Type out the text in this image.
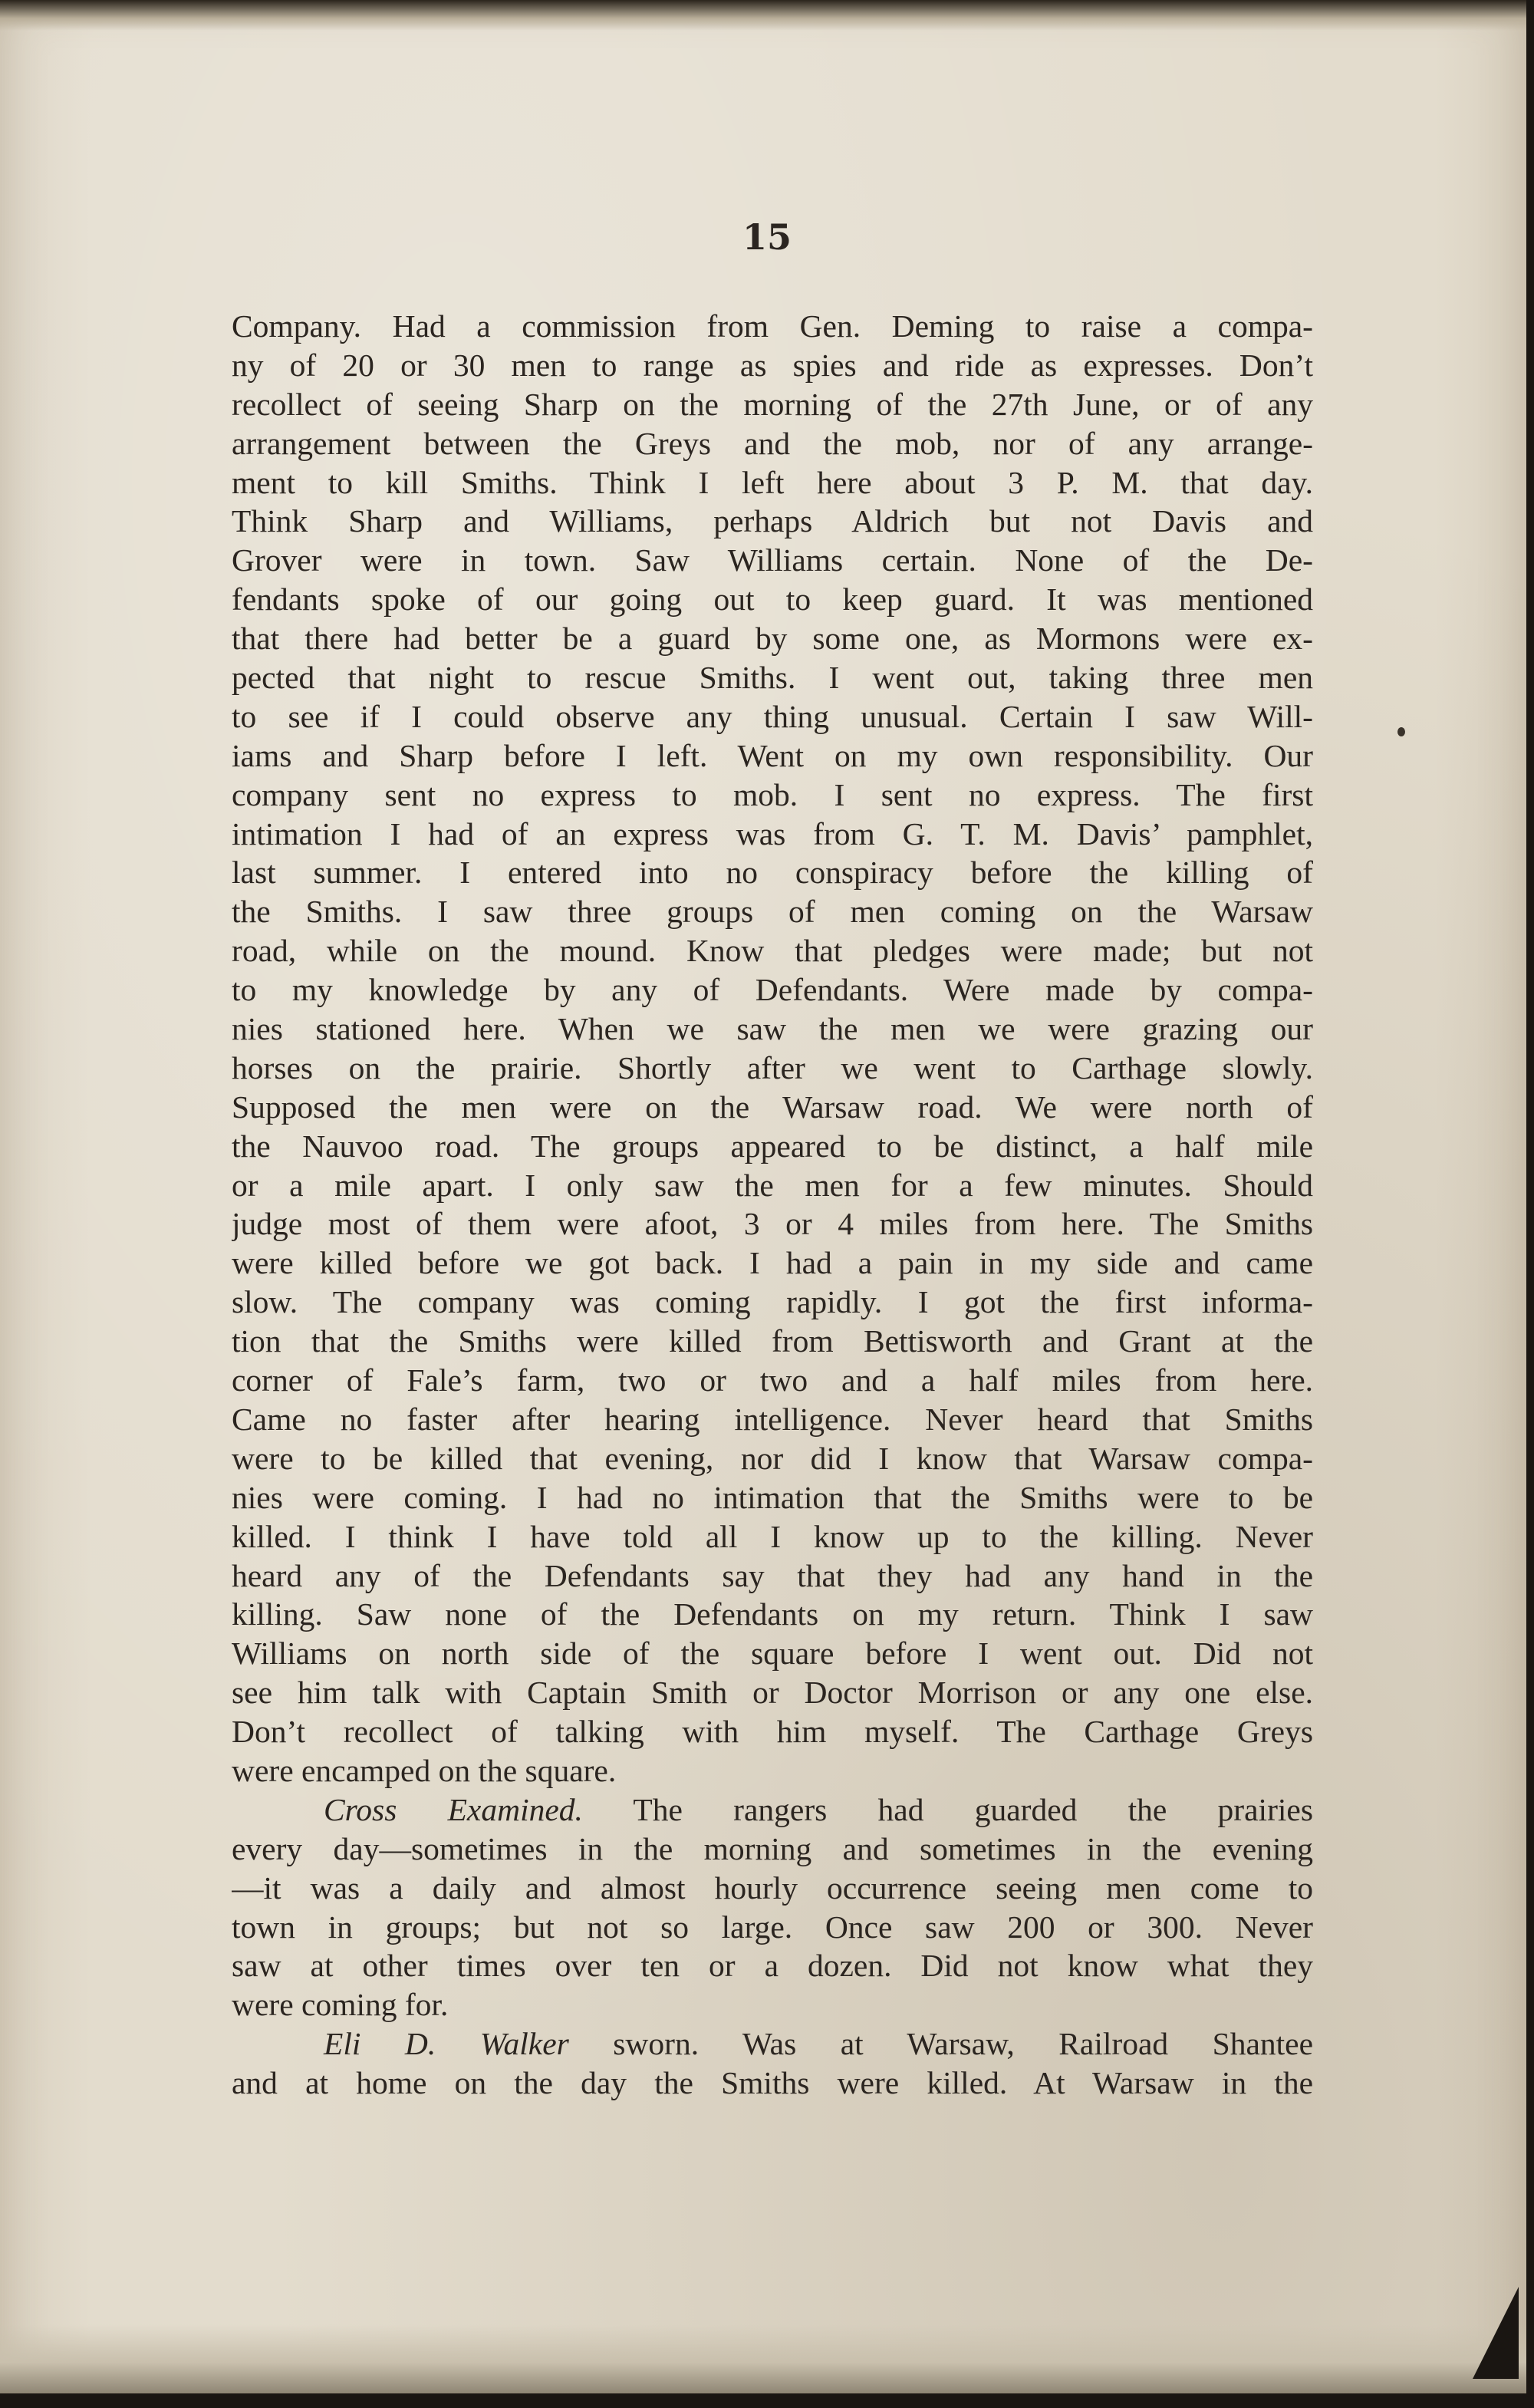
15
Company. Had a commission from Gen. Deming to raise a compa-
ny of 20 or 30 men to range as spies and ride as expresses. Don’t
recollect of seeing Sharp on the morning of the 27th June, or of any
arrangement between the Greys and the mob, nor of any arrange-
ment to kill Smiths. Think I left here about 3 P. M. that day.
Think Sharp and Williams, perhaps Aldrich but not Davis and
Grover were in town. Saw Williams certain. None of the De-
fendants spoke of our going out to keep guard. It was mentioned
that there had better be a guard by some one, as Mormons were ex-
pected that night to rescue Smiths. I went out, taking three men
to see if I could observe any thing unusual. Certain I saw Will-
iams and Sharp before I left. Went on my own responsibility. Our
company sent no express to mob. I sent no express. The first
intimation I had of an express was from G. T. M. Davis’ pamphlet,
last summer. I entered into no conspiracy before the killing of
the Smiths. I saw three groups of men coming on the Warsaw
road, while on the mound. Know that pledges were made; but not
to my knowledge by any of Defendants. Were made by compa-
nies stationed here. When we saw the men we were grazing our
horses on the prairie. Shortly after we went to Carthage slowly.
Supposed the men were on the Warsaw road. We were north of
the Nauvoo road. The groups appeared to be distinct, a half mile
or a mile apart. I only saw the men for a few minutes. Should
judge most of them were afoot, 3 or 4 miles from here. The Smiths
were killed before we got back. I had a pain in my side and came
slow. The company was coming rapidly. I got the first informa-
tion that the Smiths were killed from Bettisworth and Grant at the
corner of Fale’s farm, two or two and a half miles from here.
Came no faster after hearing intelligence. Never heard that Smiths
were to be killed that evening, nor did I know that Warsaw compa-
nies were coming. I had no intimation that the Smiths were to be
killed. I think I have told all I know up to the killing. Never
heard any of the Defendants say that they had any hand in the
killing. Saw none of the Defendants on my return. Think I saw
Williams on north side of the square before I went out. Did not
see him talk with Captain Smith or Doctor Morrison or any one else.
Don’t recollect of talking with him myself. The Carthage Greys
were encamped on the square.
Cross Examined. The rangers had guarded the prairies
every day—sometimes in the morning and sometimes in the evening
—it was a daily and almost hourly occurrence seeing men come to
town in groups; but not so large. Once saw 200 or 300. Never
saw at other times over ten or a dozen. Did not know what they
were coming for.
Eli D. Walker sworn. Was at Warsaw, Railroad Shantee
and at home on the day the Smiths were killed. At Warsaw in the
